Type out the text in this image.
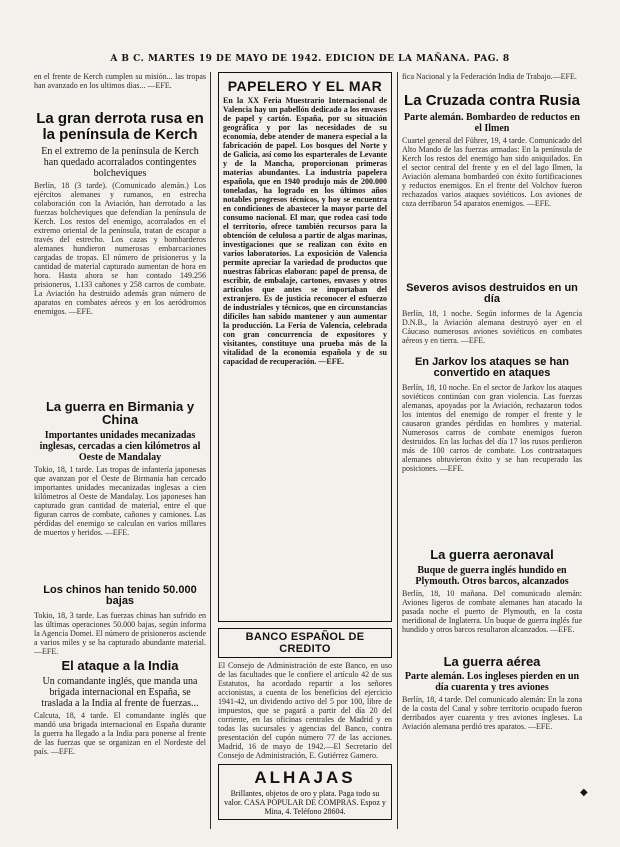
A B C. MARTES 19 DE MAYO DE 1942. EDICION DE LA MAÑANA. PAG. 8
en el frente de Kerch cumplen su misión... las tropas han avanzado en los ultimos dias... —EFE.
La gran derrota rusa en la península de Kerch
En el extremo de la península de Kerch han quedado acorralados contingentes bolcheviques
Berlín, 18 (3 tarde). (Comunicado alemán.) Los ejércitos alemanes y rumanos, en estrecha colaboración con la Aviación, han derrotado a las fuerzas bolcheviques que defendían la península de Kerch. Los restos del enemigo, acorralados en el extremo oriental de la península, tratan de escapar a través del estrecho. Los cazas y bombarderos alemanes hundieron numerosas embarcaciones cargadas de tropas. El número de prisioneros y la cantidad de material capturado aumentan de hora en hora. Hasta ahora se han contado 149.256 prisioneros, 1.133 cañones y 258 carros de combate. La Aviación ha destruido además gran número de aparatos en combates aéreos y en los aeródromos enemigos. —EFE.
La guerra en Birmania y China
Importantes unidades mecanizadas inglesas, cercadas a cien kilómetros al Oeste de Mandalay
Tokio, 18, 1 tarde. Las tropas de infantería japonesas que avanzan por el Oeste de Birmania han cercado importantes unidades mecanizadas inglesas a cien kilómetros al Oeste de Mandalay. Los japoneses han capturado gran cantidad de material, entre el que figuran carros de combate, cañones y camiones. Las pérdidas del enemigo se calculan en varios millares de muertos y heridos. —EFE.
Los chinos han tenido 50.000 bajas
Tokio, 18, 3 tarde. Las fuerzas chinas han sufrido en las últimas operaciones 50.000 bajas, según informa la Agencia Domei. El número de prisioneros asciende a varios miles y se ha capturado abundante material. —EFE.
El ataque a la India
Un comandante inglés, que manda una brigada internacional en España, se traslada a la India al frente de fuerzas...
Calcuta, 18, 4 tarde. El comandante inglés que mandó una brigada internacional en España durante la guerra ha llegado a la India para ponerse al frente de las fuerzas que se organizan en el Nordeste del país. —EFE.
PAPELERO Y EL MAR
En la XX Feria Muestrario Internacional de Valencia hay un pabellón dedicado a los envases de papel y cartón. España, por su situación geográfica y por las necesidades de su economía, debe atender de manera especial a la fabricación de papel. Los bosques del Norte y de Galicia, así como los esparterales de Levante y de la Mancha, proporcionan primeras materias abundantes. La industria papelera española, que en 1940 produjo más de 200.000 toneladas, ha logrado en los últimos años notables progresos técnicos, y hoy se encuentra en condiciones de abastecer la mayor parte del consumo nacional. El mar, que rodea casi todo el territorio, ofrece también recursos para la obtención de celulosa a partir de algas marinas, investigaciones que se realizan con éxito en varios laboratorios. La exposición de Valencia permite apreciar la variedad de productos que nuestras fábricas elaboran: papel de prensa, de escribir, de embalaje, cartones, envases y otros artículos que antes se importaban del extranjero. Es de justicia reconocer el esfuerzo de industriales y técnicos, que en circunstancias difíciles han sabido mantener y aun aumentar la producción. La Feria de Valencia, celebrada con gran concurrencia de expositores y visitantes, constituye una prueba más de la vitalidad de la economía española y de su capacidad de recuperación. —EFE.
BANCO ESPAÑOL DE CREDITO
El Consejo de Administración de este Banco, en uso de las facultades que le confiere el artículo 42 de sus Estatutos, ha acordado repartir a los señores accionistas, a cuenta de los beneficios del ejercicio 1941-42, un dividendo activo del 5 por 100, libre de impuestos, que se pagará a partir del día 20 del corriente, en las oficinas centrales de Madrid y en todas las sucursales y agencias del Banco, contra presentación del cupón número 77 de las acciones. Madrid, 16 de mayo de 1942.—El Secretario del Consejo de Administración, E. Gutiérrez Gamero.
ALHAJAS
Brillantes, objetos de oro y plata. Paga todo su valor. CASA POPULAR DE COMPRAS. Espoz y Mina, 4. Teléfono 28604.
fica Nacional y la Federación India de Trabajo.—EFE.
La Cruzada contra Rusia
Parte alemán. Bombardeo de reductos en el Ilmen
Cuartel general del Führer, 19, 4 tarde. Comunicado del Alto Mando de las fuerzas armadas: En la península de Kerch los restos del enemigo han sido aniquilados. En el sector central del frente y en el del lago Ilmen, la Aviación alemana bombardeó con éxito fortificaciones y reductos enemigos. En el frente del Volchov fueron rechazados varios ataques soviéticos. Los aviones de caza derribaron 54 aparatos enemigos. —EFE.
Severos avisos destruidos en un día
Berlín, 18, 1 noche. Según informes de la Agencia D.N.B., la Aviación alemana destruyó ayer en el Cáucaso numerosos aviones soviéticos en combates aéreos y en tierra. —EFE.
En Jarkov los ataques se han convertido en ataques
Berlín, 18, 10 noche. En el sector de Jarkov los ataques soviéticos continúan con gran violencia. Las fuerzas alemanas, apoyadas por la Aviación, rechazaron todos los intentos del enemigo de romper el frente y le causaron grandes pérdidas en hombres y material. Numerosos carros de combate enemigos fueron destruidos. En las luchas del día 17 los rusos perdieron más de 100 carros de combate. Los contraataques alemanes obtuvieron éxito y se han recuperado las posiciones. —EFE.
La guerra aeronaval
Buque de guerra inglés hundido en Plymouth. Otros barcos, alcanzados
Berlín, 18, 10 mañana. Del comunicado alemán: Aviones ligeros de combate alemanes han atacado la pasada noche el puerto de Plymouth, en la costa meridional de Inglaterra. Un buque de guerra inglés fue hundido y otros barcos resultaron alcanzados. —EFE.
La guerra aérea
Parte alemán. Los ingleses pierden en un día cuarenta y tres aviones
Berlín, 18, 4 tarde. Del comunicado alemán: En la zona de la costa del Canal y sobre territorio ocupado fueron derribados ayer cuarenta y tres aviones ingleses. La Aviación alemana perdió tres aparatos. —EFE.
◆
